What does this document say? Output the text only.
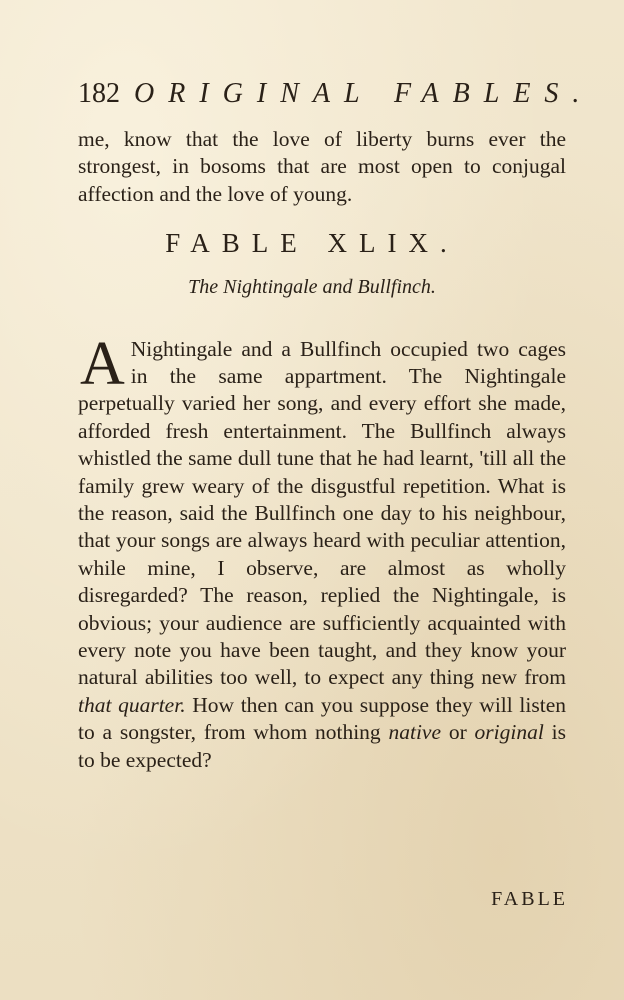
182 ORIGINAL FABLES.

me, know that the love of liberty burns ever the strongest, in bosoms that are most open to conjugal affection and the love of young.

FABLE XLIX.
The Nightingale and Bullfinch.

A Nightingale and a Bullfinch occupied two cages in the same appartment. The Nightingale perpetually varied her song, and every effort she made, afforded fresh entertainment. The Bullfinch always whistled the same dull tune that he had learnt, 'till all the family grew weary of the disgustful repetition. What is the reason, said the Bullfinch one day to his neighbour, that your songs are always heard with peculiar attention, while mine, I observe, are almost as wholly disregarded? The reason, replied the Nightingale, is obvious; your audience are sufficiently acquainted with every note you have been taught, and they know your natural abilities too well, to expect any thing new from that quarter. How then can you suppose they will listen to a songster, from whom nothing native or original is to be expected?

FABLE
